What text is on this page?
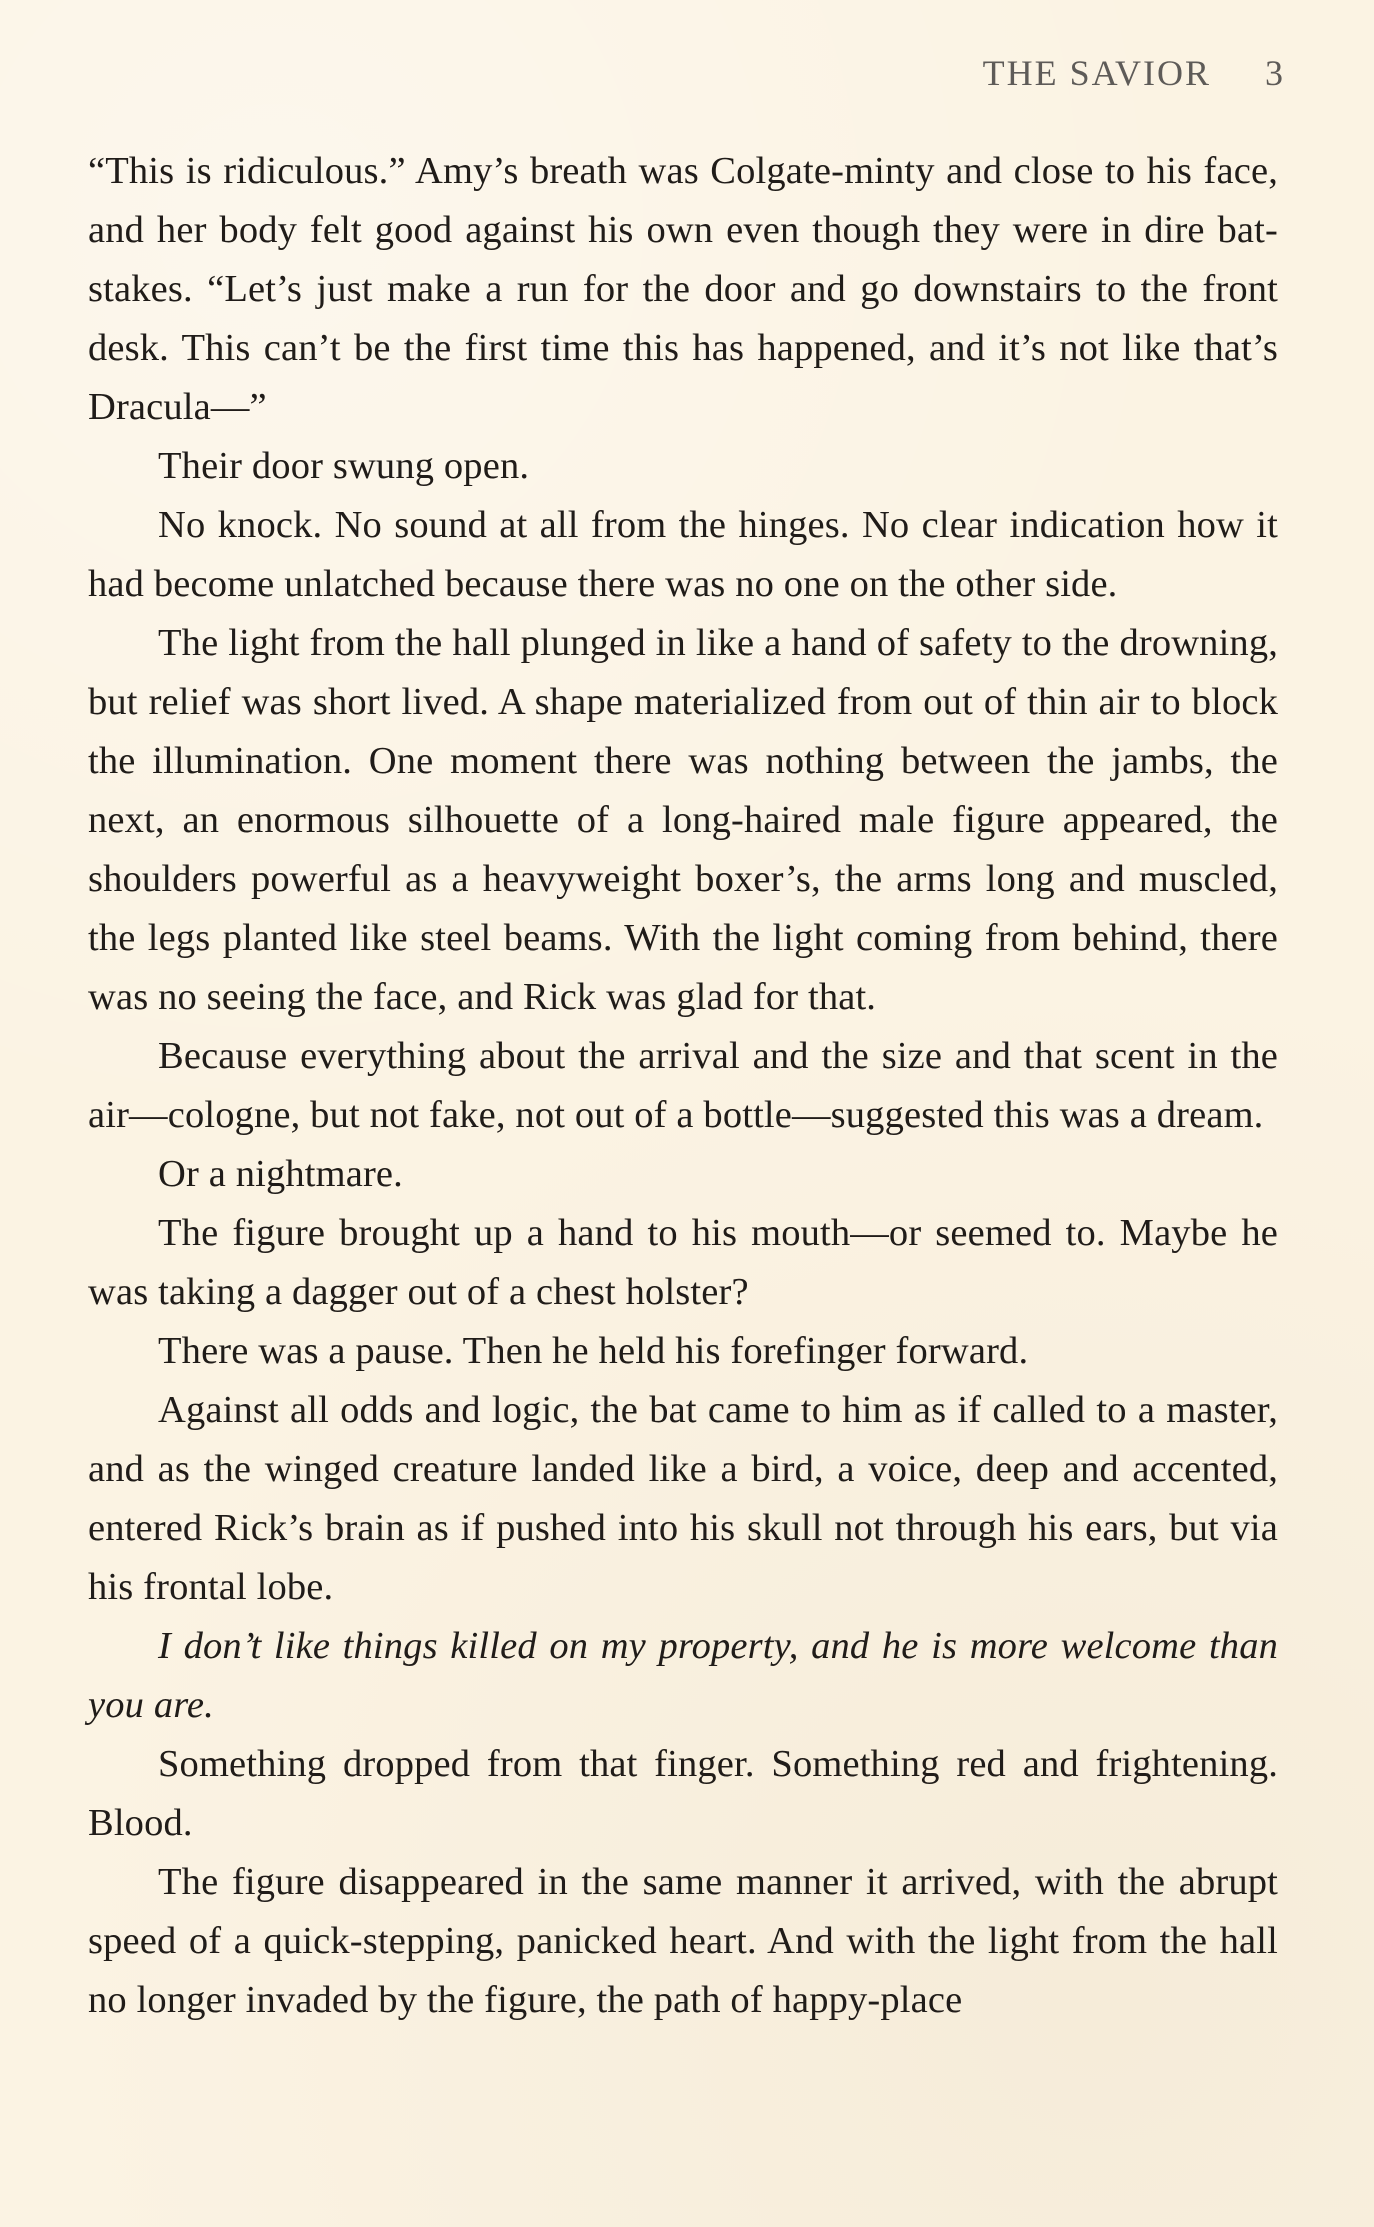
THE SAVIOR 3

“This is ridiculous.” Amy’s breath was Colgate-minty and close to his face, and her body felt good against his own even though they were in dire bat-stakes. “Let’s just make a run for the door and go downstairs to the front desk. This can’t be the first time this has happened, and it’s not like that’s Dracula—”

Their door swung open.

No knock. No sound at all from the hinges. No clear indication how it had become unlatched because there was no one on the other side.

The light from the hall plunged in like a hand of safety to the drowning, but relief was short lived. A shape materialized from out of thin air to block the illumination. One moment there was nothing between the jambs, the next, an enormous silhouette of a long-haired male figure appeared, the shoulders powerful as a heavyweight boxer’s, the arms long and muscled, the legs planted like steel beams. With the light coming from behind, there was no seeing the face, and Rick was glad for that.

Because everything about the arrival and the size and that scent in the air—cologne, but not fake, not out of a bottle—suggested this was a dream.

Or a nightmare.

The figure brought up a hand to his mouth—or seemed to. Maybe he was taking a dagger out of a chest holster?

There was a pause. Then he held his forefinger forward.

Against all odds and logic, the bat came to him as if called to a master, and as the winged creature landed like a bird, a voice, deep and accented, entered Rick’s brain as if pushed into his skull not through his ears, but via his frontal lobe.

I don’t like things killed on my property, and he is more welcome than you are.

Something dropped from that finger. Something red and frightening. Blood.

The figure disappeared in the same manner it arrived, with the abrupt speed of a quick-stepping, panicked heart. And with the light from the hall no longer invaded by the figure, the path of happy-place
